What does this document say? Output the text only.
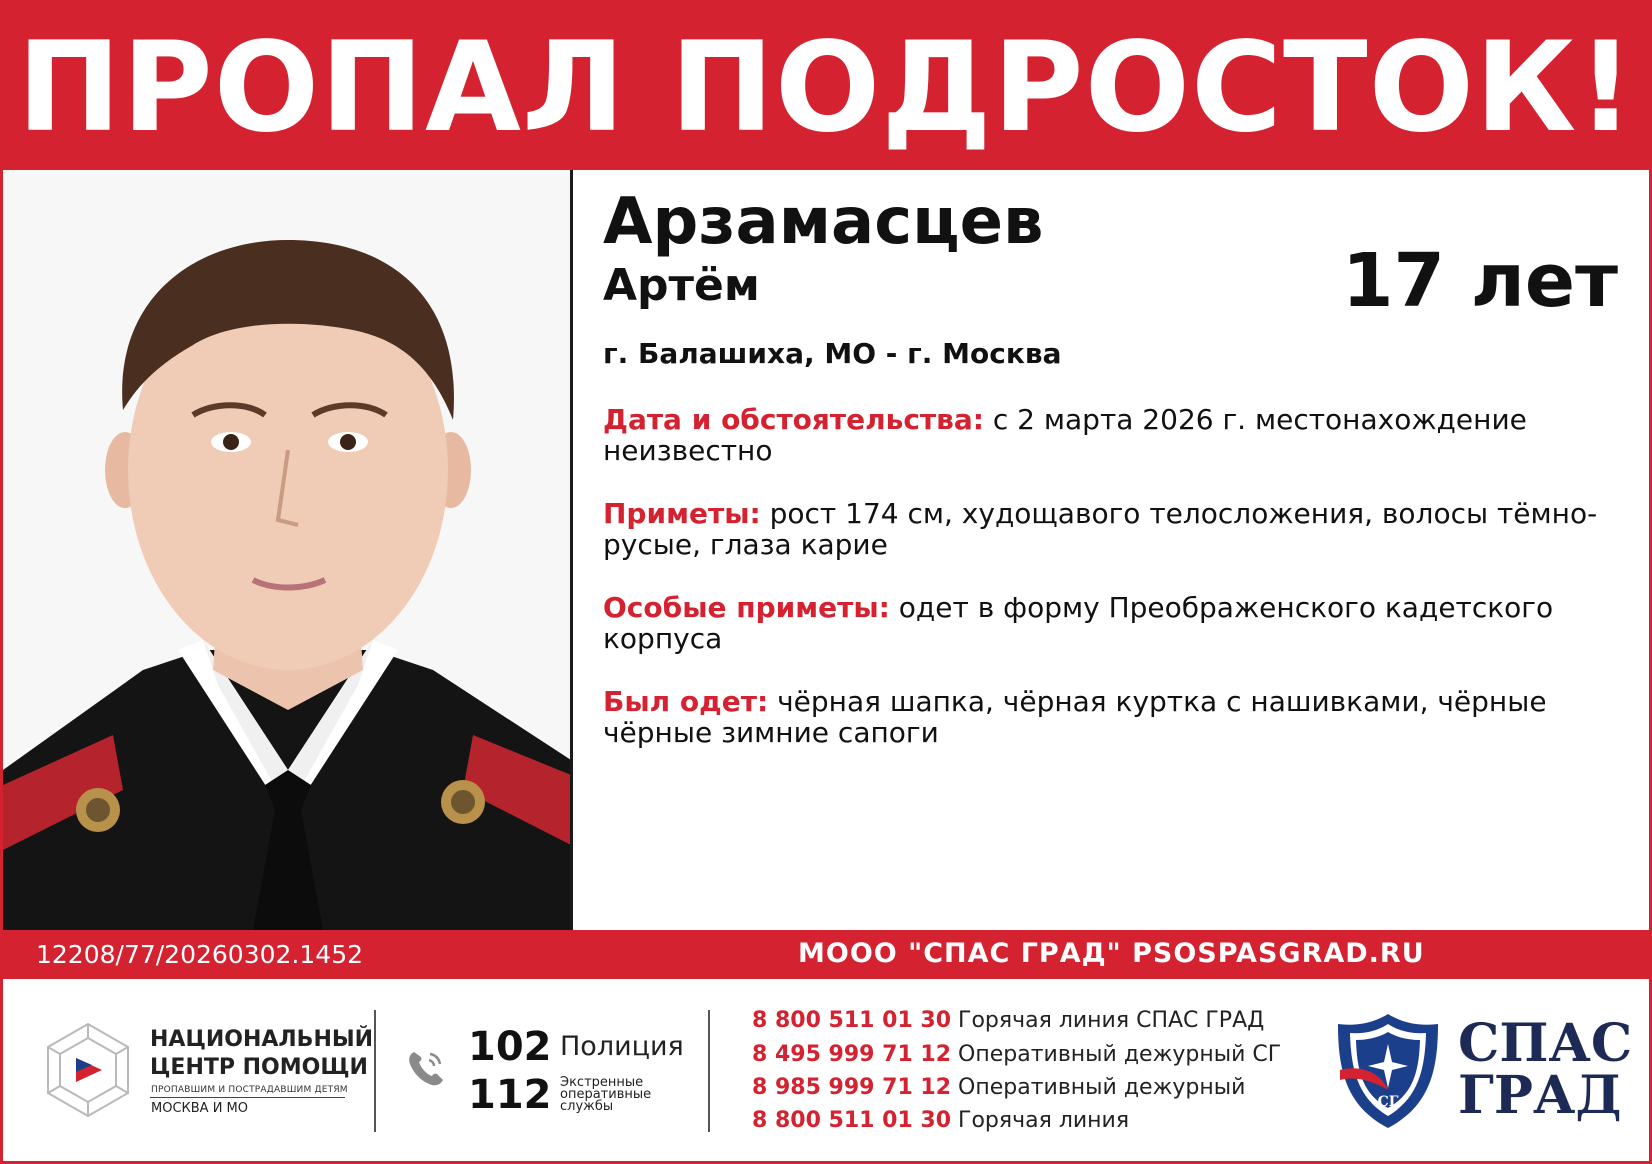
ПРОПАЛ ПОДРОСТОК!
Арзамасцев
Артём	17 лет
г. Балашиха, МО - г. Москва
Дата и обстоятельства: с 2 марта 2026 г. местонахождение неизвестно
Приметы: рост 174 см, худощавого телосложения, волосы тёмно-русые, глаза карие
Особые приметы: одет в форму Преображенского кадетского корпуса
Был одет: чёрная шапка, чёрная куртка с нашивками, чёрные чёрные зимние сапоги
12208/77/20260302.1452	МООО "СПАС ГРАД" PSOSPASGRAD.RU
НАЦИОНАЛЬНЫЙ
ЦЕНТР ПОМОЩИ
ПРОПАВШИМ И ПОСТРАДАВШИМ ДЕТЯМ
МОСКВА И МО
102 Полиция
112 Экстренные оперативные службы
8 800 511 01 30 Горячая линия СПАС ГРАД
8 495 999 71 12 Оперативный дежурный СГ
8 985 999 71 12 Оперативный дежурный
8 800 511 01 30 Горячая линия
СГ
СПАС
ГРАД
